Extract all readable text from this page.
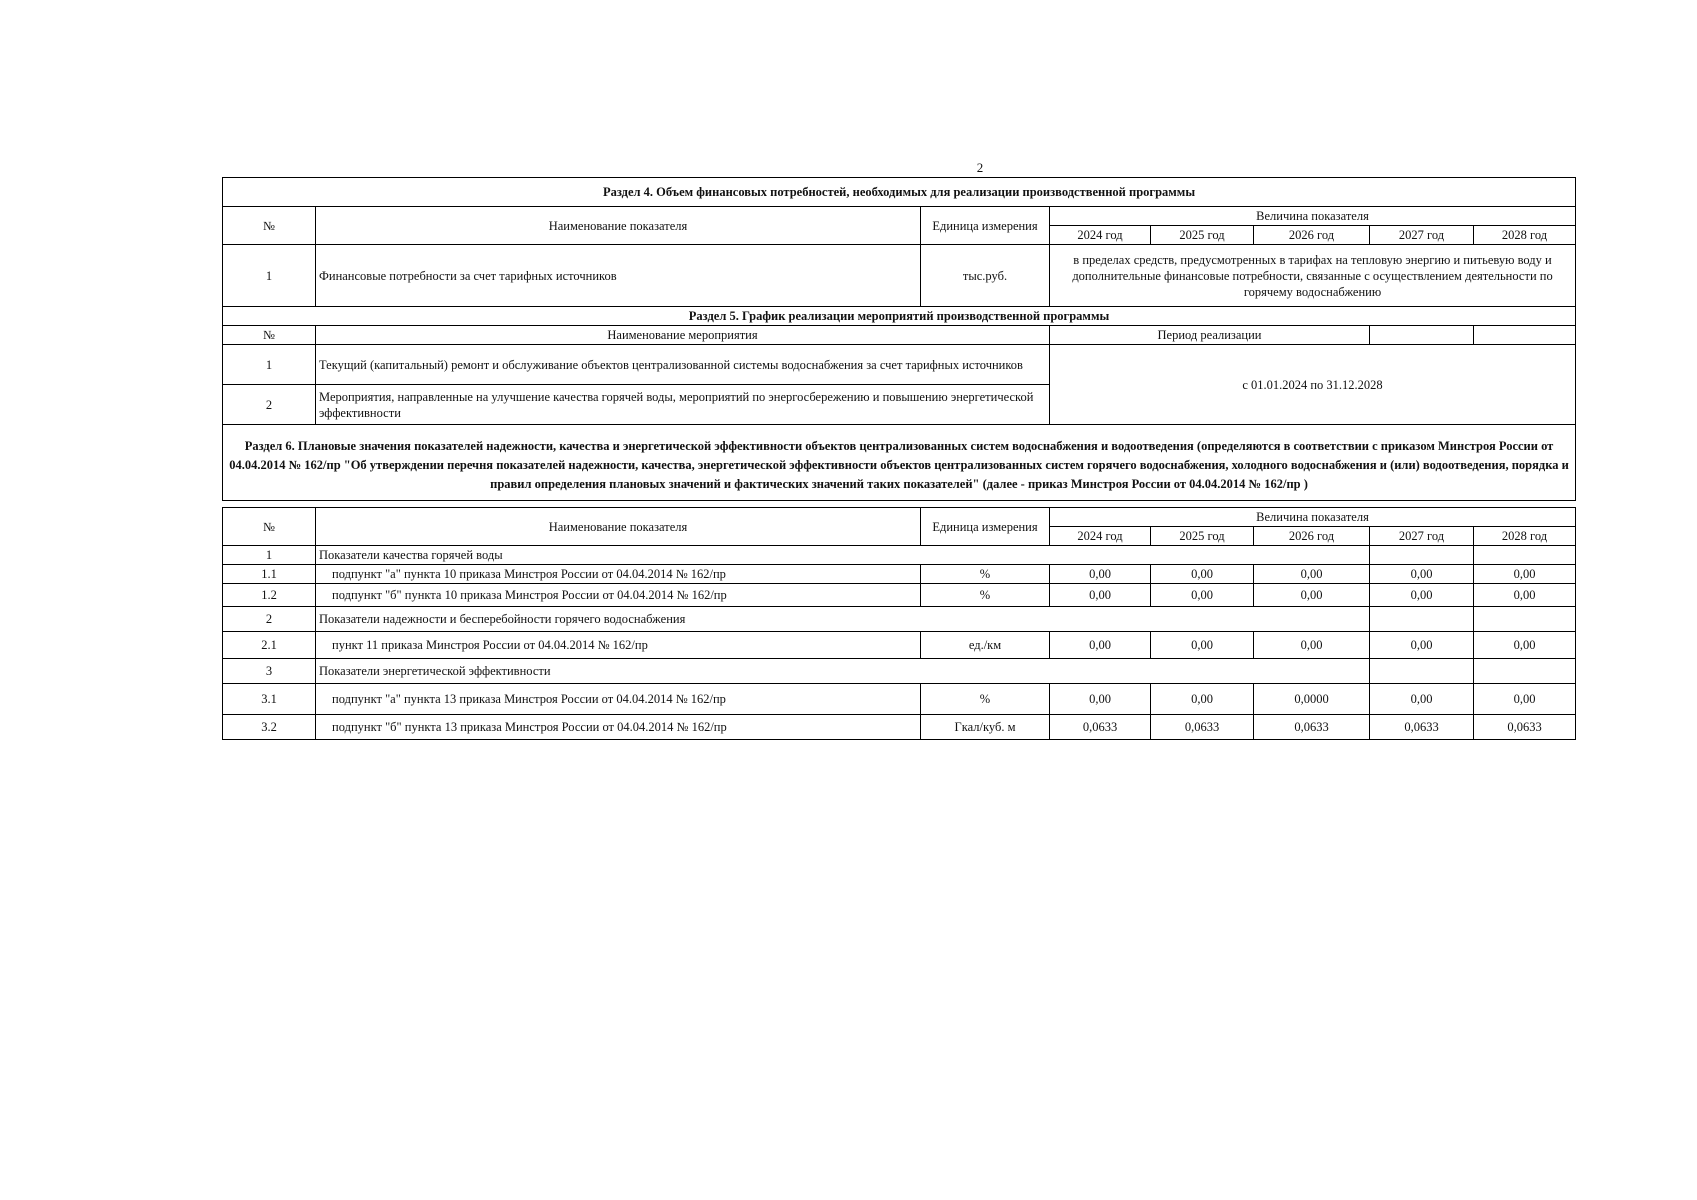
2
Раздел 4. Объем финансовых потребностей, необходимых для реализации производственной программы							
№	Наименование показателя	Единица измерения	Величина показателя				
			2024 год	2025 год	2026 год	2027 год	2028 год
1	Финансовые потребности за счет тарифных источников	тыс.руб.	в пределах средств, предусмотренных в тарифах на тепловую энергию и питьевую воду и дополнительные финансовые потребности, связанные с осуществлением деятельности по горячему водоснабжению				
Раздел 5. График реализации мероприятий производственной программы							
№	Наименование мероприятия		Период реализации				
1	Текущий (капитальный) ремонт и обслуживание объектов централизованной системы водоснабжения за счет тарифных источников		с 01.01.2024 по 31.12.2028				
2	Мероприятия, направленные на улучшение качества горячей воды, мероприятий по энергосбережению и повышению энергетической эффективности						
Раздел 6. Плановые значения показателей надежности, качества и энергетической эффективности объектов централизованных систем водоснабжения и водоотведения (определяются в соответствии с приказом Минстроя России от 04.04.2014 № 162/пр "Об утверждении перечня показателей надежности, качества, энергетической эффективности объектов централизованных систем горячего водоснабжения, холодного водоснабжения и (или) водоотведения, порядка и правил определения плановых значений и фактических значений таких показателей" (далее - приказ Минстроя России от 04.04.2014 № 162/пр )							

№	Наименование показателя	Единица измерения	Величина показателя				
			2024 год	2025 год	2026 год	2027 год	2028 год
1	Показатели качества горячей воды						
1.1	подпункт "а" пункта 10 приказа Минстроя России от 04.04.2014 № 162/пр	%	0,00	0,00	0,00	0,00	0,00
1.2	подпункт "б" пункта 10 приказа Минстроя России от 04.04.2014 № 162/пр	%	0,00	0,00	0,00	0,00	0,00
2	Показатели надежности и бесперебойности горячего водоснабжения						
2.1	пункт 11 приказа Минстроя России от 04.04.2014 № 162/пр	ед./км	0,00	0,00	0,00	0,00	0,00
3	Показатели энергетической эффективности						
3.1	подпункт "а" пункта 13 приказа Минстроя России от 04.04.2014 № 162/пр	%	0,00	0,00	0,0000	0,00	0,00
3.2	подпункт "б" пункта 13 приказа Минстроя России от 04.04.2014 № 162/пр	Гкал/куб. м	0,0633	0,0633	0,0633	0,0633	0,0633
